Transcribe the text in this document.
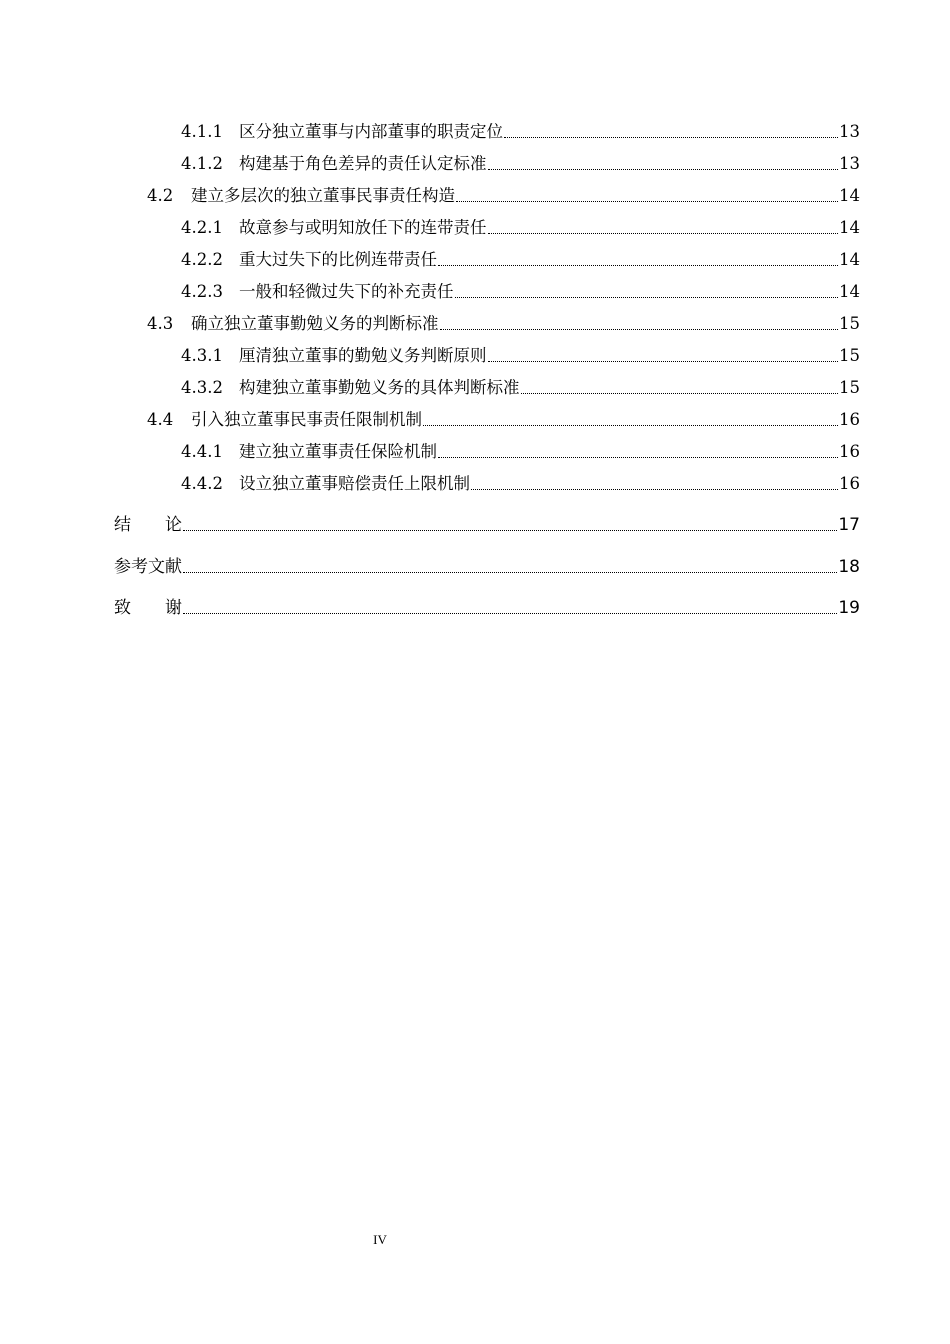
4.1.1 区分独立董事与内部董事的职责定位	13
4.1.2 构建基于角色差异的责任认定标准	13
4.2	建立多层次的独立董事民事责任构造	14
4.2.1 故意参与或明知放任下的连带责任	14
4.2.2 重大过失下的比例连带责任	14
4.2.3 一般和轻微过失下的补充责任	14
4.3	确立独立董事勤勉义务的判断标准	15
4.3.1 厘清独立董事的勤勉义务判断原则	15
4.3.2 构建独立董事勤勉义务的具体判断标准	15
4.4	引入独立董事民事责任限制机制	16
4.4.1 建立独立董事责任保险机制	16
4.4.2 设立独立董事赔偿责任上限机制	16
结　　论	17
参考文献	18
致　　谢	19
IV
